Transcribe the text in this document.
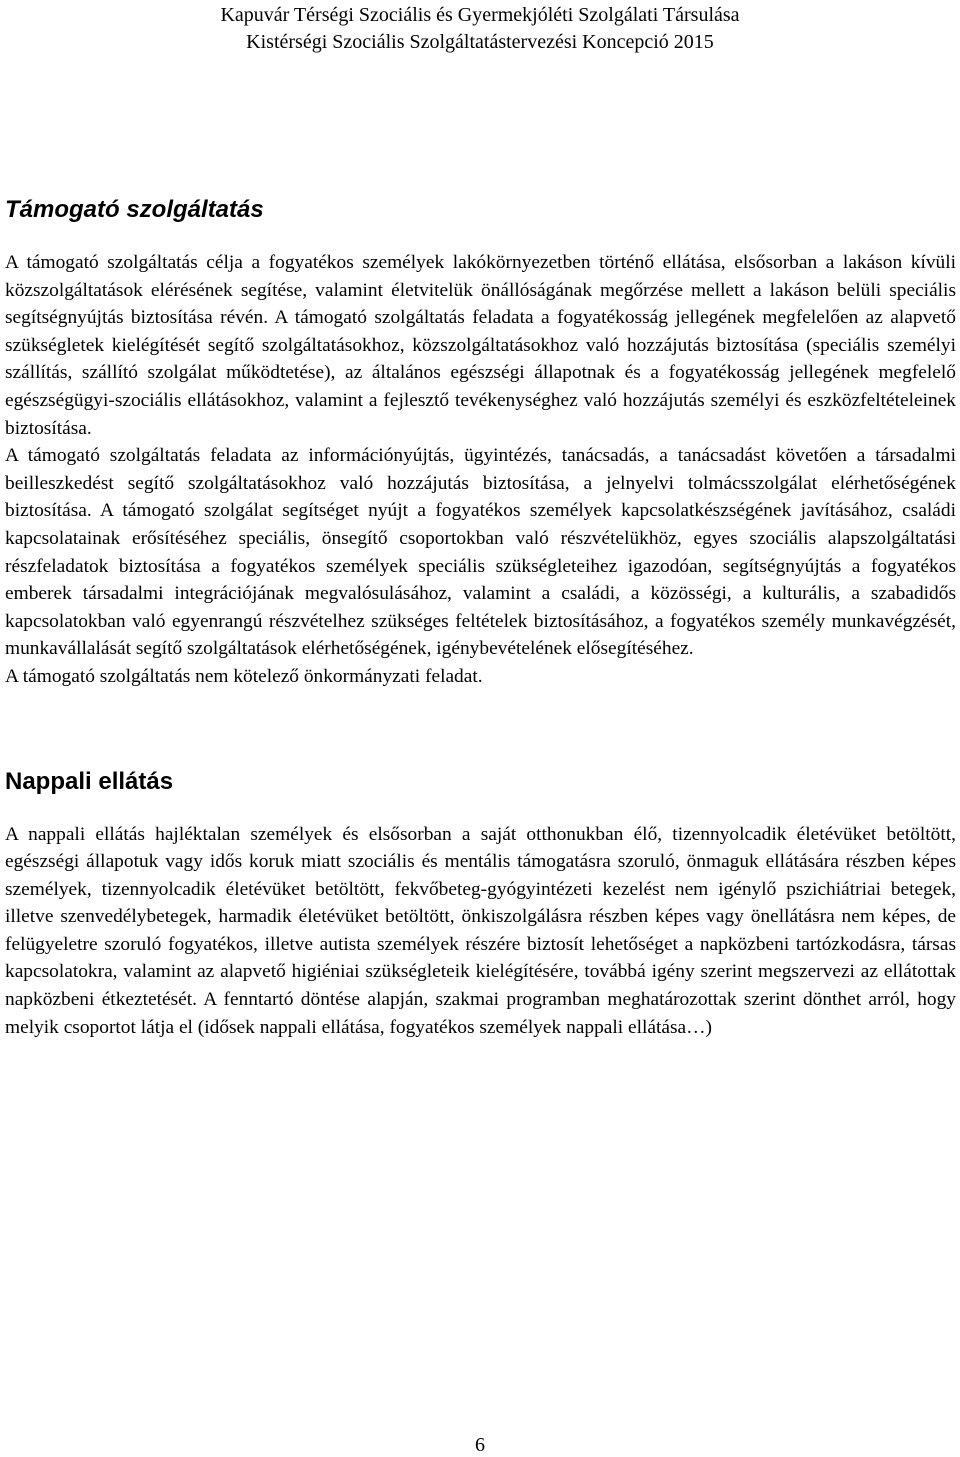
Kapuvár Térségi Szociális és Gyermekjóléti Szolgálati Társulása
Kistérségi Szociális Szolgáltatástervezési Koncepció 2015
Támogató szolgáltatás

A támogató szolgáltatás célja a fogyatékos személyek lakókörnyezetben történő ellátása, elsősorban a lakáson kívüli közszolgáltatások elérésének segítése, valamint életvitelük önállóságának megőrzése mellett a lakáson belüli speciális segítségnyújtás biztosítása révén. A támogató szolgáltatás feladata a fogyatékosság jellegének megfelelően az alapvető szükségletek kielégítését segítő szolgáltatásokhoz, közszolgáltatásokhoz való hozzájutás biztosítása (speciális személyi szállítás, szállító szolgálat működtetése), az általános egészségi állapotnak és a fogyatékosság jellegének megfelelő egészségügyi-szociális ellátásokhoz, valamint a fejlesztő tevékenységhez való hozzájutás személyi és eszközfeltételeinek biztosítása.

A támogató szolgáltatás feladata az információnyújtás, ügyintézés, tanácsadás, a tanácsadást követően a társadalmi beilleszkedést segítő szolgáltatásokhoz való hozzájutás biztosítása, a jelnyelvi tolmácsszolgálat elérhetőségének biztosítása. A támogató szolgálat segítséget nyújt a fogyatékos személyek kapcsolatkészségének javításához, családi kapcsolatainak erősítéséhez speciális, önsegítő csoportokban való részvételükhöz, egyes szociális alapszolgáltatási részfeladatok biztosítása a fogyatékos személyek speciális szükségleteihez igazodóan, segítségnyújtás a fogyatékos emberek társadalmi integrációjának megvalósulásához, valamint a családi, a közösségi, a kulturális, a szabadidős kapcsolatokban való egyenrangú részvételhez szükséges feltételek biztosításához, a fogyatékos személy munkavégzését, munkavállalását segítő szolgáltatások elérhetőségének, igénybevételének elősegítéséhez.

A támogató szolgáltatás nem kötelező önkormányzati feladat.

Nappali ellátás

A nappali ellátás hajléktalan személyek és elsősorban a saját otthonukban élő, tizennyolcadik életévüket betöltött, egészségi állapotuk vagy idős koruk miatt szociális és mentális támogatásra szoruló, önmaguk ellátására részben képes személyek, tizennyolcadik életévüket betöltött, fekvőbeteg-gyógyintézeti kezelést nem igénylő pszichiátriai betegek, illetve szenvedélybetegek, harmadik életévüket betöltött, önkiszolgálásra részben képes vagy önellátásra nem képes, de felügyeletre szoruló fogyatékos, illetve autista személyek részére biztosít lehetőséget a napközbeni tartózkodásra, társas kapcsolatokra, valamint az alapvető higiéniai szükségleteik kielégítésére, továbbá igény szerint megszervezi az ellátottak napközbeni étkeztetését. A fenntartó döntése alapján, szakmai programban meghatározottak szerint dönthet arról, hogy melyik csoportot látja el (idősek nappali ellátása, fogyatékos személyek nappali ellátása…)

6
